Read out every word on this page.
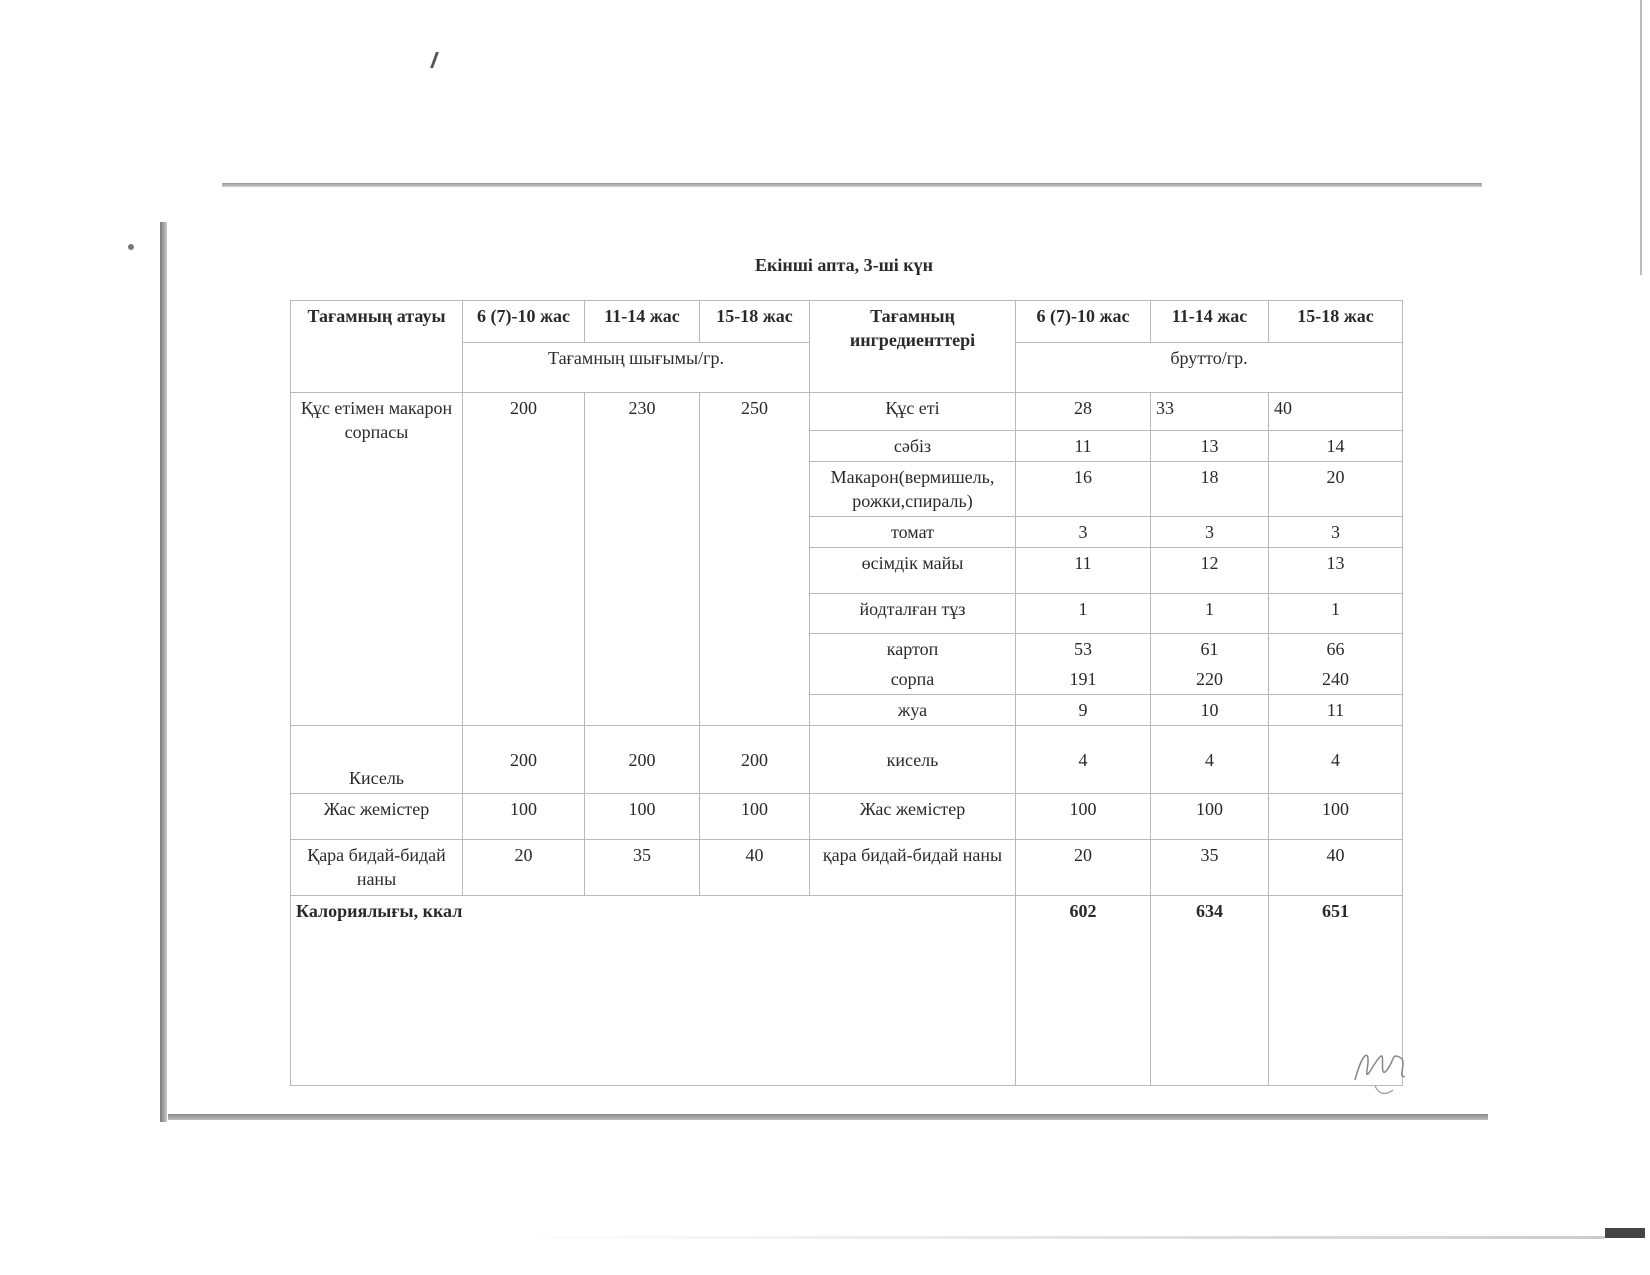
Екінші апта, 3-ші күн
Тағамның атауы	6 (7)-10 жас	11-14 жас	15-18 жас	Тағамның ингредиенттері	6 (7)-10 жас	11-14 жас	15-18 жас
	Тағамның шығымы/гр.				брутто/гр.		
Құс етімен макарон сорпасы	200	230	250	Құс еті	28	33	40
				сәбіз	11	13	14
				Макарон(вермишель, рожки,спираль)	16	18	20
				томат	3	3	3
				өсімдік майы	11	12	13
				йодталған тұз	1	1	1
				картоп	53	61	66
				сорпа	191	220	240
				жуа	9	10	11
Кисель	200	200	200	кисель	4	4	4
Жас жемістер	100	100	100	Жас жемістер	100	100	100
Қара бидай-бидай наны	20	35	40	қара бидай-бидай наны	20	35	40
Калориялығы, ккал					602	634	651
